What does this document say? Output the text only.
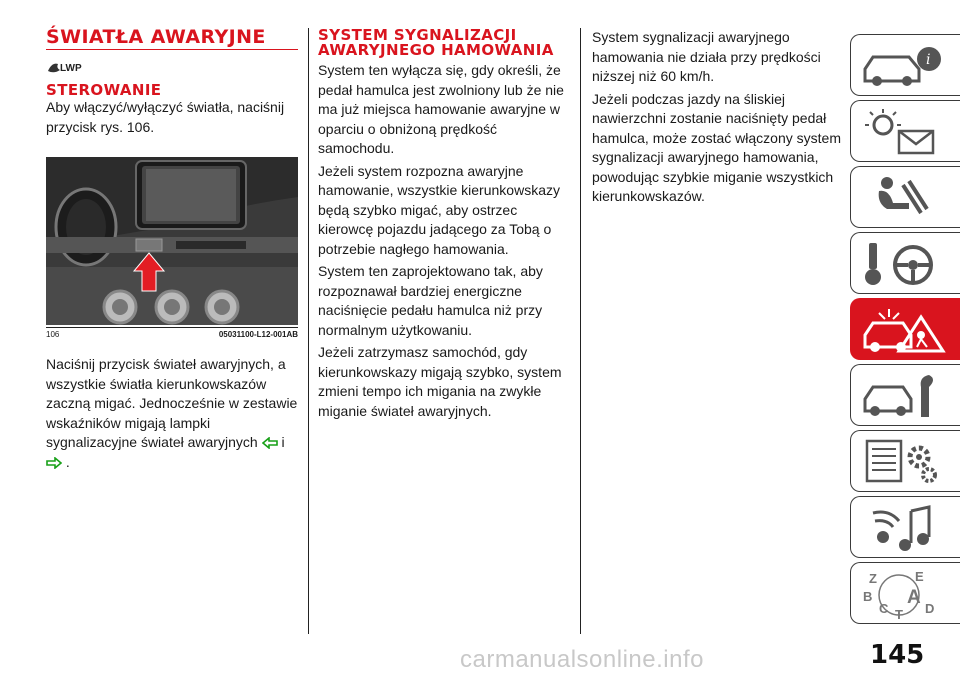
ŚWIATŁA AWARYJNE
LWP
STEROWANIE

Aby włączyć/wyłączyć światła, naciśnij przycisk rys. 106.

106	05031100-L12-001AB

Naciśnij przycisk świateł awaryjnych, a wszystkie światła kierunkowskazów zaczną migać. Jednocześnie w zestawie wskaźników migają lampki sygnalizacyjne świateł awaryjnych i
.

SYSTEM SYGNALIZACJI AWARYJNEGO HAMOWANIA

System ten wyłącza się, gdy określi, że pedał hamulca jest zwolniony lub że nie ma już miejsca hamowanie awaryjne w oparciu o obniżoną prędkość samochodu.

Jeżeli system rozpozna awaryjne hamowanie, wszystkie kierunkowskazy będą szybko migać, aby ostrzec kierowcę pojazdu jadącego za Tobą o potrzebie nagłego hamowania.

System ten zaprojektowano tak, aby rozpoznawał bardziej energiczne naciśnięcie pedału hamulca niż przy normalnym użytkowaniu.

Jeżeli zatrzymasz samochód, gdy kierunkowskazy migają szybko, system zmieni tempo ich migania na zwykłe miganie świateł awaryjnych.

System sygnalizacji awaryjnego hamowania nie działa przy prędkości niższej niż 60 km/h.

Jeżeli podczas jazdy na śliskiej nawierzchni zostanie naciśnięty pedał hamulca, może zostać włączony system sygnalizacji awaryjnego hamowania, powodując szybkie miganie wszystkich kierunkowskazów.

i
Z	E
B A
C T D
carmanualsonline.info	145
